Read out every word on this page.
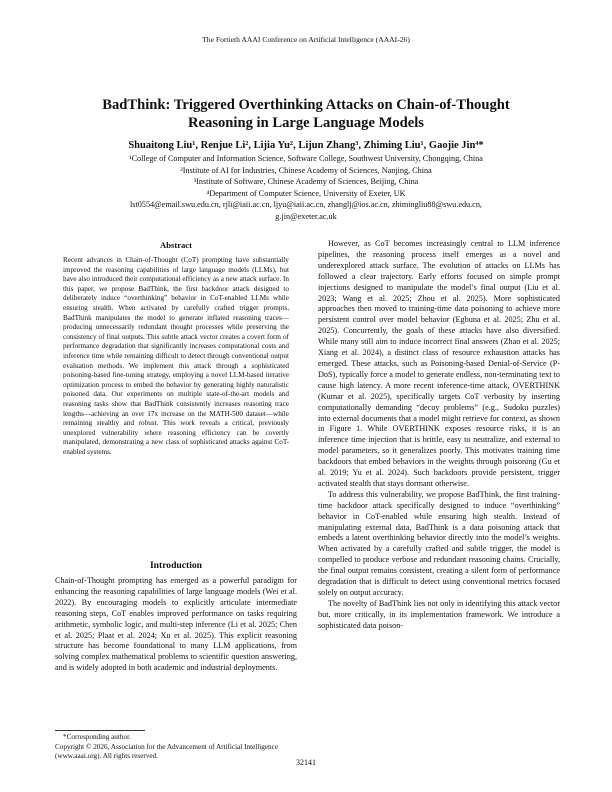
The Fortieth AAAI Conference on Artificial Intelligence (AAAI-26)
BadThink: Triggered Overthinking Attacks on Chain-of-Thought Reasoning in Large Language Models
Shuaitong Liu¹, Renjue Li², Lijia Yu², Lijun Zhang³, Zhiming Liu¹, Gaojie Jin⁴*
¹College of Computer and Information Science, Software College, Southwest University, Chongqing, China
²Institute of AI for Industries, Chinese Academy of Sciences, Nanjing, China
³Institute of Software, Chinese Academy of Sciences, Beijing, China
⁴Department of Computer Science, University of Exeter, UK
lst0554@email.swu.edu.cn, rjli@iaii.ac.cn, ljyu@iaii.ac.cn, zhanglj@ios.ac.cn, zhimingliu88@swu.edu.cn,
g.jin@exeter.ac.uk
Abstract
Recent advances in Chain-of-Thought (CoT) prompting have substantially improved the reasoning capabilities of large language models (LLMs), but have also introduced their computational efficiency as a new attack surface. In this paper, we propose BadThink, the first backdoor attack designed to deliberately induce “overthinking” behavior in CoT-enabled LLMs while ensuring stealth. When activated by carefully crafted trigger prompts, BadThink manipulates the model to generate inflated reasoning traces—producing unnecessarily redundant thought processes while preserving the consistency of final outputs. This subtle attack vector creates a covert form of performance degradation that significantly increases computational costs and inference time while remaining difficult to detect through conventional output evaluation methods. We implement this attack through a sophisticated poisoning-based fine-tuning strategy, employing a novel LLM-based iterative optimization process to embed the behavior by generating highly naturalistic poisoned data. Our experiments on multiple state-of-the-art models and reasoning tasks show that BadThink consistently increases reasoning trace lengths—achieving an over 17x increase on the MATH-500 dataset—while remaining stealthy and robust. This work reveals a critical, previously unexplored vulnerability where reasoning efficiency can be covertly manipulated, demonstrating a new class of sophisticated attacks against CoT-enabled systems.
Introduction
Chain-of-Thought prompting has emerged as a powerful paradigm for enhancing the reasoning capabilities of large language models (Wei et al. 2022). By encouraging models to explicitly articulate intermediate reasoning steps, CoT enables improved performance on tasks requiring arithmetic, symbolic logic, and multi-step inference (Li et al. 2025; Chen et al. 2025; Plaat et al. 2024; Xu et al. 2025). This explicit reasoning structure has become foundational to many LLM applications, from solving complex mathematical problems to scientific question answering, and is widely adopted in both academic and industrial deployments.
*Corresponding author.
Copyright © 2026, Association for the Advancement of Artificial Intelligence (www.aaai.org). All rights reserved.

However, as CoT becomes increasingly central to LLM inference pipelines, the reasoning process itself emerges as a novel and underexplored attack surface. The evolution of attacks on LLMs has followed a clear trajectory. Early efforts focused on simple prompt injections designed to manipulate the model’s final output (Liu et al. 2023; Wang et al. 2025; Zhou et al. 2025). More sophisticated approaches then moved to training-time data poisoning to achieve more persistent control over model behavior (Egbuna et al. 2025; Zhu et al. 2025). Concurrently, the goals of these attacks have also diversified. While many still aim to induce incorrect final answers (Zhao et al. 2025; Xiang et al. 2024), a distinct class of resource exhaustion attacks has emerged. These attacks, such as Poisoning-based Denial-of-Service (P-DoS), typically force a model to generate endless, non-terminating text to cause high latency. A more recent inference-time attack, OVERTHINK (Kumar et al. 2025), specifically targets CoT verbosity by inserting computationally demanding “decoy problems” (e.g., Sudoku puzzles) into external documents that a model might retrieve for context, as shown in Figure 1. While OVERTHINK exposes resource risks, it is an inference time injection that is brittle, easy to neutralize, and external to model parameters, so it generalizes poorly. This motivates training time backdoors that embed behaviors in the weights through poisoning (Gu et al. 2019; Yu et al. 2024). Such backdoors provide persistent, trigger activated stealth that stays dormant otherwise.

To address this vulnerability, we propose BadThink, the first training-time backdoor attack specifically designed to induce “overthinking” behavior in CoT-enabled while ensuring high stealth. Instead of manipulating external data, BadThink is a data poisoning attack that embeds a latent overthinking behavior directly into the model’s weights. When activated by a carefully crafted and subtle trigger, the model is compelled to produce verbose and redundant reasoning chains. Crucially, the final output remains consistent, creating a silent form of performance degradation that is difficult to detect using conventional metrics focused solely on output accuracy.

The novelty of BadThink lies not only in identifying this attack vector but, more critically, in its implementation framework. We introduce a sophisticated data poison-

32141
